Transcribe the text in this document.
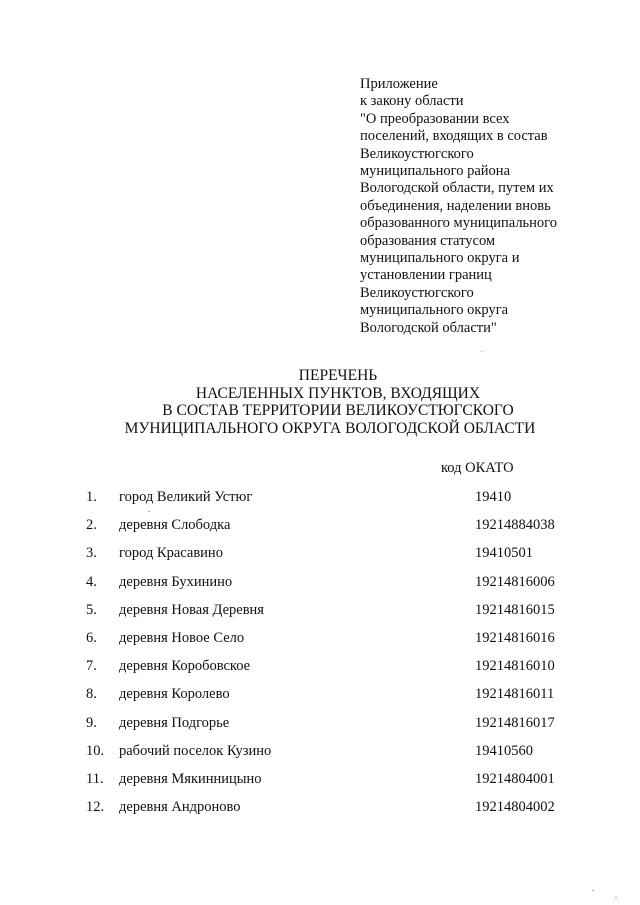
Приложение
к закону области
"О преобразовании всех
поселений, входящих в состав
Великоустюгского
муниципального района
Вологодской области, путем их
объединения, наделении вновь
образованного муниципального
образования статусом
муниципального округа и
установлении границ
Великоустюгского
муниципального округа
Вологодской области"
ПЕРЕЧЕНЬ
НАСЕЛЕННЫХ ПУНКТОВ, ВХОДЯЩИХ
В СОСТАВ ТЕРРИТОРИИ ВЕЛИКОУСТЮГСКОГО
МУНИЦИПАЛЬНОГО ОКРУГА ВОЛОГОДСКОЙ ОБЛАСТИ
код ОКАТО
1. город Великий Устюг	19410
2. деревня Слободка	19214884038
3. город Красавино	19410501
4. деревня Бухинино	19214816006
5. деревня Новая Деревня	19214816015
6. деревня Новое Село	19214816016
7. деревня Коробовское	19214816010
8. деревня Королево	19214816011
9. деревня Подгорье	19214816017
10. рабочий поселок Кузино	19410560
11. деревня Мякинницыно	19214804001
12. деревня Андроново	19214804002
